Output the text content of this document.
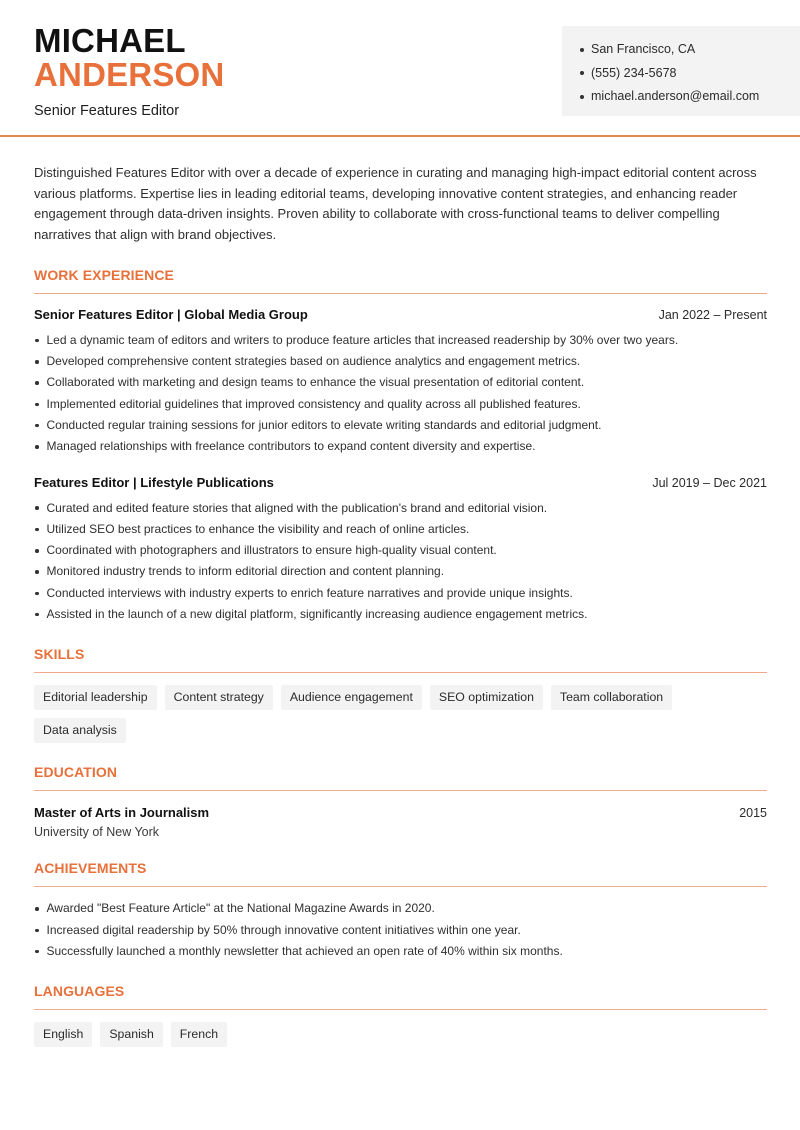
MICHAEL
ANDERSON
Senior Features Editor
San Francisco, CA
(555) 234-5678
michael.anderson@email.com

Distinguished Features Editor with over a decade of experience in curating and managing high-impact editorial content across various platforms. Expertise lies in leading editorial teams, developing innovative content strategies, and enhancing reader engagement through data-driven insights. Proven ability to collaborate with cross-functional teams to deliver compelling narratives that align with brand objectives.

WORK EXPERIENCE
Senior Features Editor | Global Media Group	Jan 2022 – Present
Led a dynamic team of editors and writers to produce feature articles that increased readership by 30% over two years.
Developed comprehensive content strategies based on audience analytics and engagement metrics.
Collaborated with marketing and design teams to enhance the visual presentation of editorial content.
Implemented editorial guidelines that improved consistency and quality across all published features.
Conducted regular training sessions for junior editors to elevate writing standards and editorial judgment.
Managed relationships with freelance contributors to expand content diversity and expertise.
Features Editor | Lifestyle Publications	Jul 2019 – Dec 2021
Curated and edited feature stories that aligned with the publication's brand and editorial vision.
Utilized SEO best practices to enhance the visibility and reach of online articles.
Coordinated with photographers and illustrators to ensure high-quality visual content.
Monitored industry trends to inform editorial direction and content planning.
Conducted interviews with industry experts to enrich feature narratives and provide unique insights.
Assisted in the launch of a new digital platform, significantly increasing audience engagement metrics.
SKILLS
Editorial leadership	Content strategy	Audience engagement	SEO optimization	Team collaboration
Data analysis
EDUCATION
Master of Arts in Journalism	2015
University of New York
ACHIEVEMENTS
Awarded "Best Feature Article" at the National Magazine Awards in 2020.
Increased digital readership by 50% through innovative content initiatives within one year.
Successfully launched a monthly newsletter that achieved an open rate of 40% within six months.
LANGUAGES
English	Spanish	French
